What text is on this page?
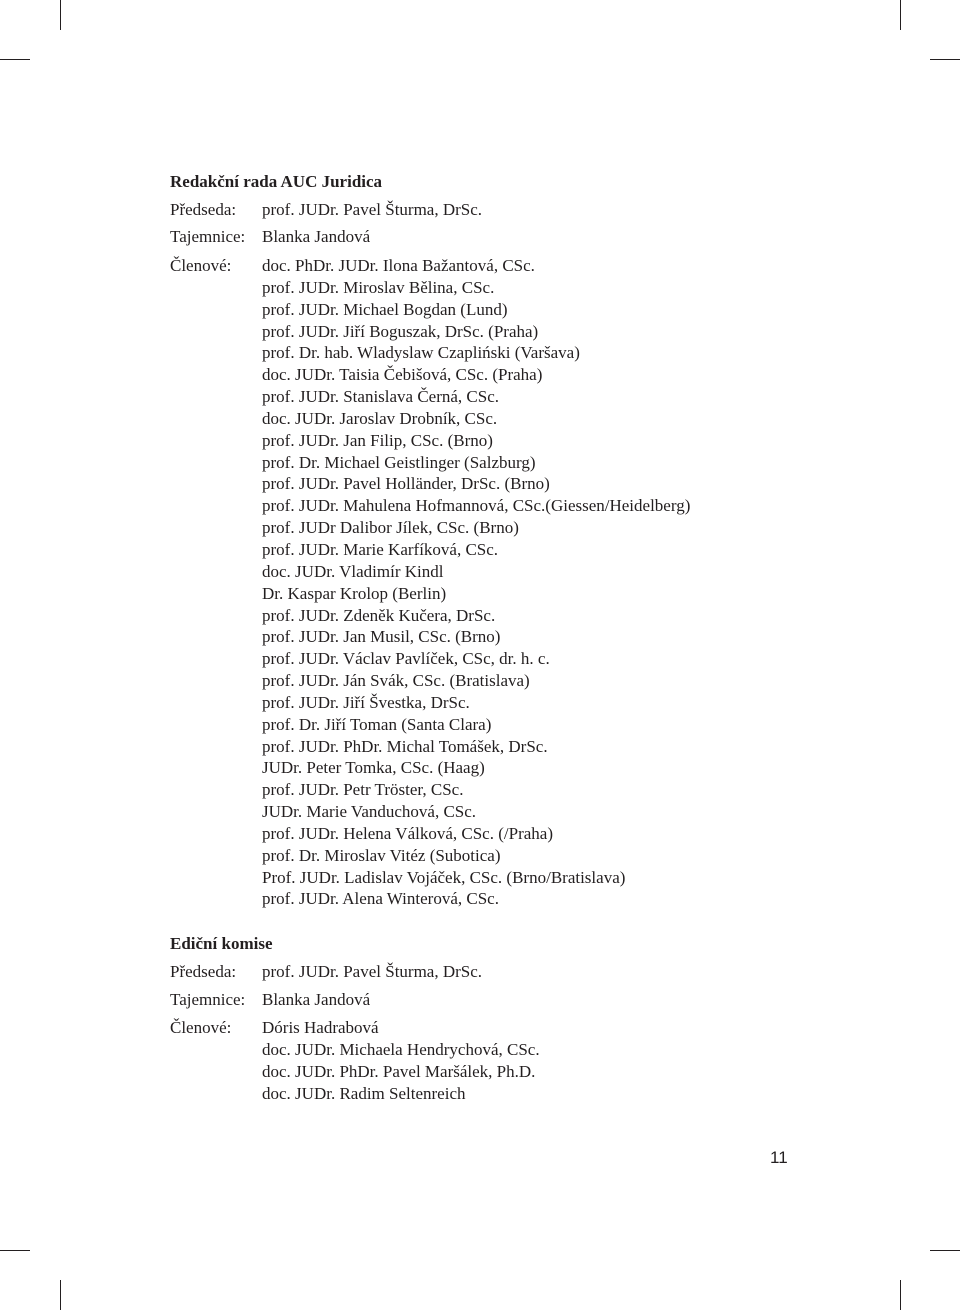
Redakční rada AUC Juridica
Předseda: prof. JUDr. Pavel Šturma, DrSc.
Tajemnice: Blanka Jandová
Členové: doc. PhDr. JUDr. Ilona Bažantová, CSc.
prof. JUDr. Miroslav Bělina, CSc.
prof. JUDr. Michael Bogdan (Lund)
prof. JUDr. Jiří Boguszak, DrSc. (Praha)
prof. Dr. hab. Wladyslaw Czapliński (Varšava)
doc. JUDr. Taisia Čebišová, CSc. (Praha)
prof. JUDr. Stanislava Černá, CSc.
doc. JUDr. Jaroslav Drobník, CSc.
prof. JUDr. Jan Filip, CSc. (Brno)
prof. Dr. Michael Geistlinger (Salzburg)
prof. JUDr. Pavel Holländer, DrSc. (Brno)
prof. JUDr. Mahulena Hofmannová, CSc.(Giessen/Heidelberg)
prof. JUDr Dalibor Jílek, CSc. (Brno)
prof. JUDr. Marie Karfíková, CSc.
doc. JUDr. Vladimír Kindl
Dr. Kaspar Krolop (Berlin)
prof. JUDr. Zdeněk Kučera, DrSc.
prof. JUDr. Jan Musil, CSc. (Brno)
prof. JUDr. Václav Pavlíček, CSc, dr. h. c.
prof. JUDr. Ján Svák, CSc. (Bratislava)
prof. JUDr. Jiří Švestka, DrSc.
prof. Dr. Jiří Toman (Santa Clara)
prof. JUDr. PhDr. Michal Tomášek, DrSc.
JUDr. Peter Tomka, CSc. (Haag)
prof. JUDr. Petr Tröster, CSc.
JUDr. Marie Vanduchová, CSc.
prof. JUDr. Helena Válková, CSc. (/Praha)
prof. Dr. Miroslav Vitéz (Subotica)
Prof. JUDr. Ladislav Vojáček, CSc. (Brno/Bratislava)
prof. JUDr. Alena Winterová, CSc.
Ediční komise
Předseda: prof. JUDr. Pavel Šturma, DrSc.
Tajemnice: Blanka Jandová
Členové: Dóris Hadrabová
doc. JUDr. Michaela Hendrychová, CSc.
doc. JUDr. PhDr. Pavel Maršálek, Ph.D.
doc. JUDr. Radim Seltenreich
11
